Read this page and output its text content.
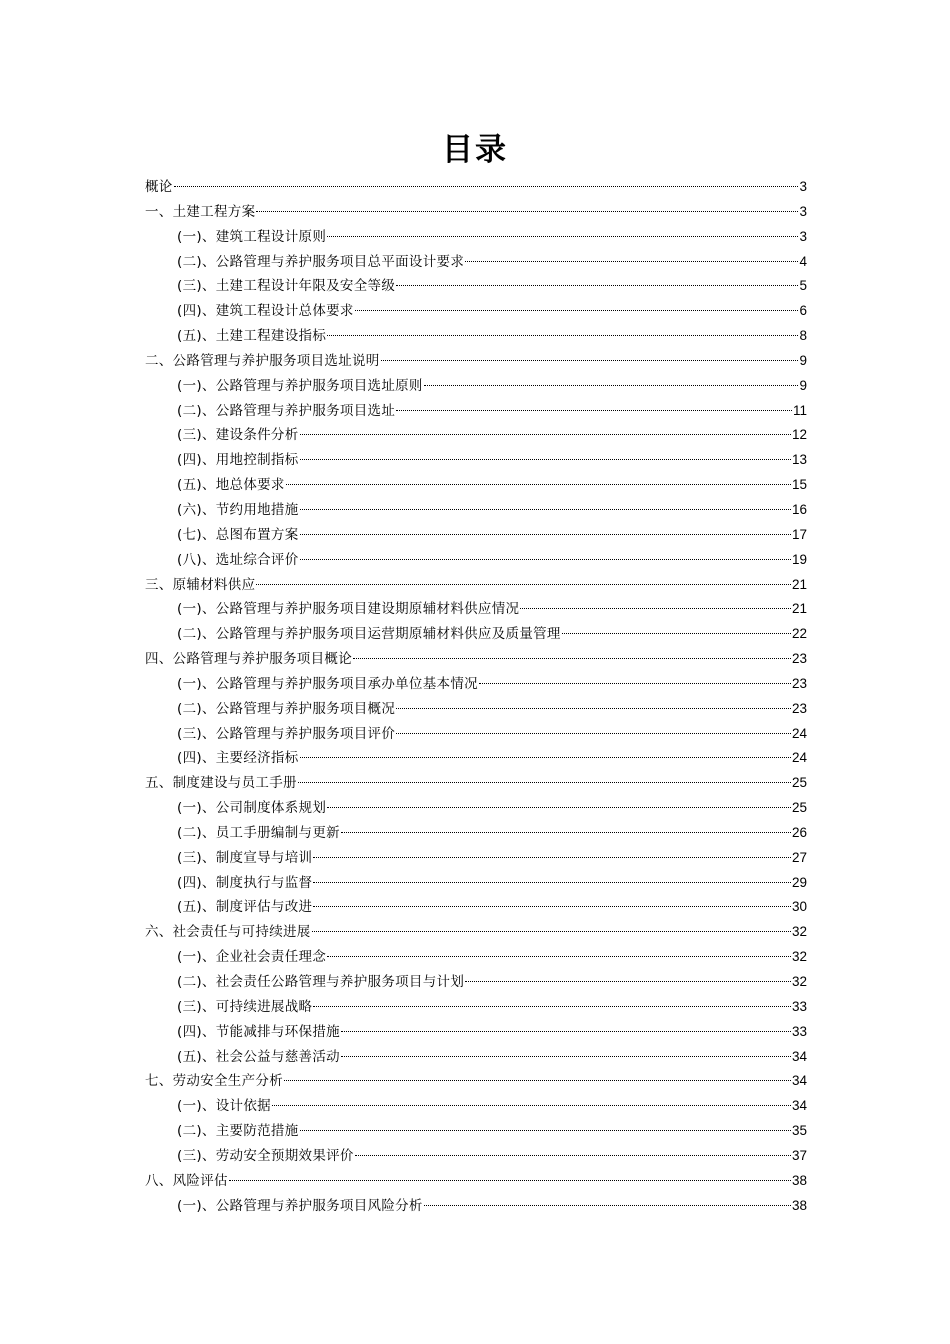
目录
概论	3
一、土建工程方案	3
(一)、建筑工程设计原则	3
(二)、公路管理与养护服务项目总平面设计要求	4
(三)、土建工程设计年限及安全等级	5
(四)、建筑工程设计总体要求	6
(五)、土建工程建设指标	8
二、公路管理与养护服务项目选址说明	9
(一)、公路管理与养护服务项目选址原则	9
(二)、公路管理与养护服务项目选址	11
(三)、建设条件分析	12
(四)、用地控制指标	13
(五)、地总体要求	15
(六)、节约用地措施	16
(七)、总图布置方案	17
(八)、选址综合评价	19
三、原辅材料供应	21
(一)、公路管理与养护服务项目建设期原辅材料供应情况	21
(二)、公路管理与养护服务项目运营期原辅材料供应及质量管理	22
四、公路管理与养护服务项目概论	23
(一)、公路管理与养护服务项目承办单位基本情况	23
(二)、公路管理与养护服务项目概况	23
(三)、公路管理与养护服务项目评价	24
(四)、主要经济指标	24
五、制度建设与员工手册	25
(一)、公司制度体系规划	25
(二)、员工手册编制与更新	26
(三)、制度宣导与培训	27
(四)、制度执行与监督	29
(五)、制度评估与改进	30
六、社会责任与可持续进展	32
(一)、企业社会责任理念	32
(二)、社会责任公路管理与养护服务项目与计划	32
(三)、可持续进展战略	33
(四)、节能减排与环保措施	33
(五)、社会公益与慈善活动	34
七、劳动安全生产分析	34
(一)、设计依据	34
(二)、主要防范措施	35
(三)、劳动安全预期效果评价	37
八、风险评估	38
(一)、公路管理与养护服务项目风险分析	38
